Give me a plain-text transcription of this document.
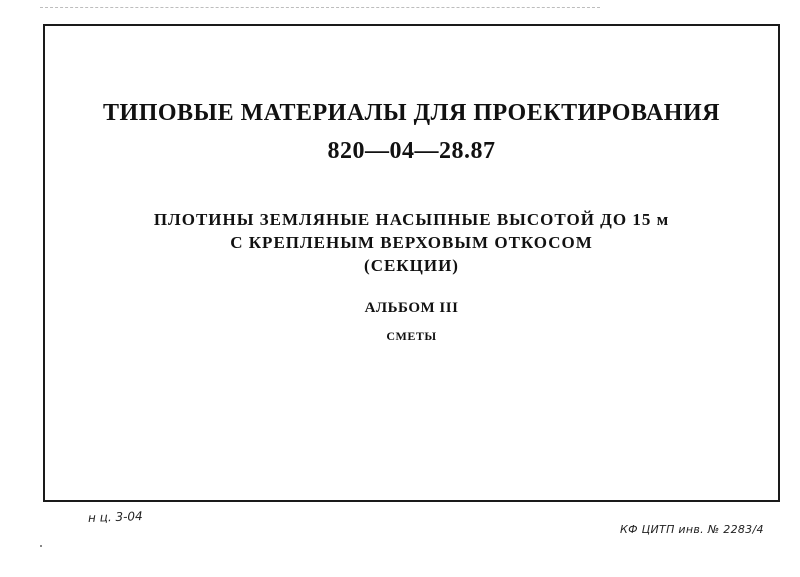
ТИПОВЫЕ МАТЕРИАЛЫ ДЛЯ ПРОЕКТИРОВАНИЯ
820—04—28.87
ПЛОТИНЫ ЗЕМЛЯНЫЕ НАСЫПНЫЕ ВЫСОТОЙ ДО 15 м
С КРЕПЛЕНЫМ ВЕРХОВЫМ ОТКОСОМ
(СЕКЦИИ)
АЛЬБОМ III
СМЕТЫ
н ц. 3-04
КФ ЦИТП инв. № 2283/4
